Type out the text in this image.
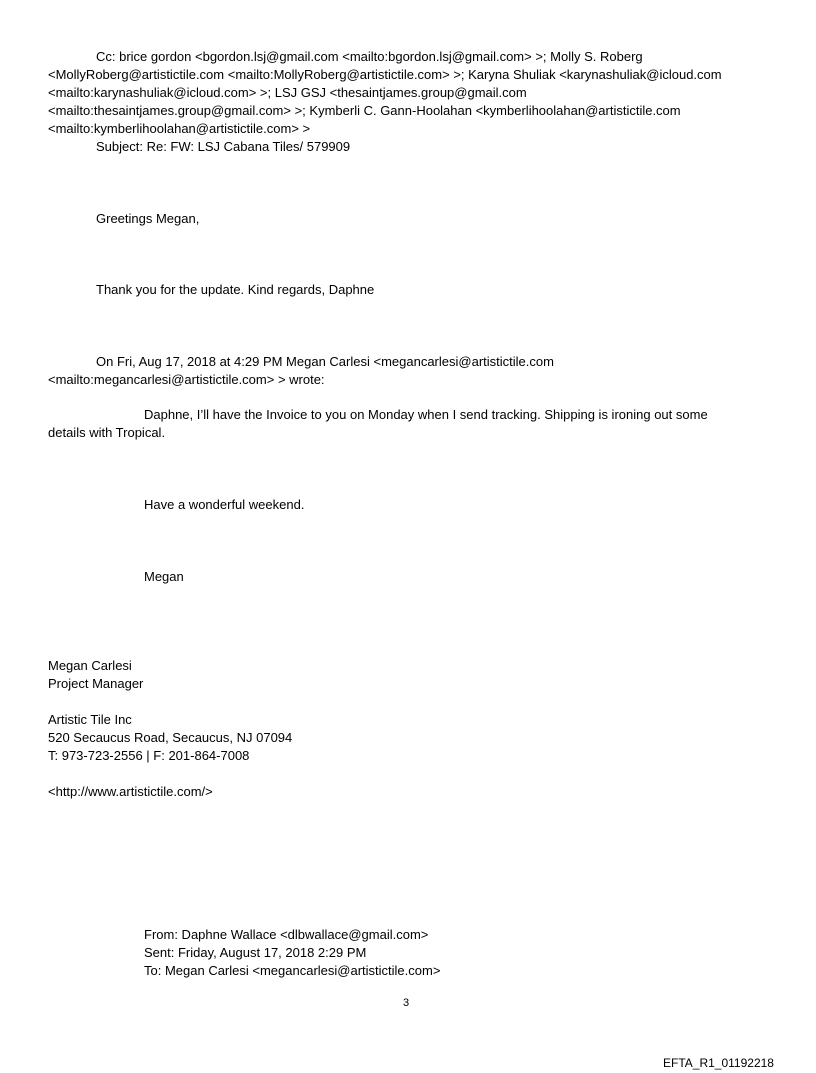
Cc: brice gordon <bgordon.lsj@gmail.com <mailto:bgordon.lsj@gmail.com> >; Molly S. Roberg
<MollyRoberg@artistictile.com <mailto:MollyRoberg@artistictile.com> >; Karyna Shuliak <karynashuliak@icloud.com
<mailto:karynashuliak@icloud.com> >; LSJ GSJ <thesaintjames.group@gmail.com
<mailto:thesaintjames.group@gmail.com> >; Kymberli C. Gann-Hoolahan <kymberlihoolahan@artistictile.com
<mailto:kymberlihoolahan@artistictile.com> >
Subject: Re: FW: LSJ Cabana Tiles/ 579909
Greetings Megan,
Thank you for the update. Kind regards, Daphne
On Fri, Aug 17, 2018 at 4:29 PM Megan Carlesi <megancarlesi@artistictile.com
<mailto:megancarlesi@artistictile.com> > wrote:
Daphne, I’ll have the Invoice to you on Monday when I send tracking. Shipping is ironing out some
details with Tropical.
Have a wonderful weekend.
Megan
Megan Carlesi
Project Manager
Artistic Tile Inc
520 Secaucus Road, Secaucus, NJ 07094
T: 973-723-2556 | F: 201-864-7008
<http://www.artistictile.com/>
From: Daphne Wallace <dlbwallace@gmail.com>
Sent: Friday, August 17, 2018 2:29 PM
To: Megan Carlesi <megancarlesi@artistictile.com>
3
EFTA_R1_01192218
